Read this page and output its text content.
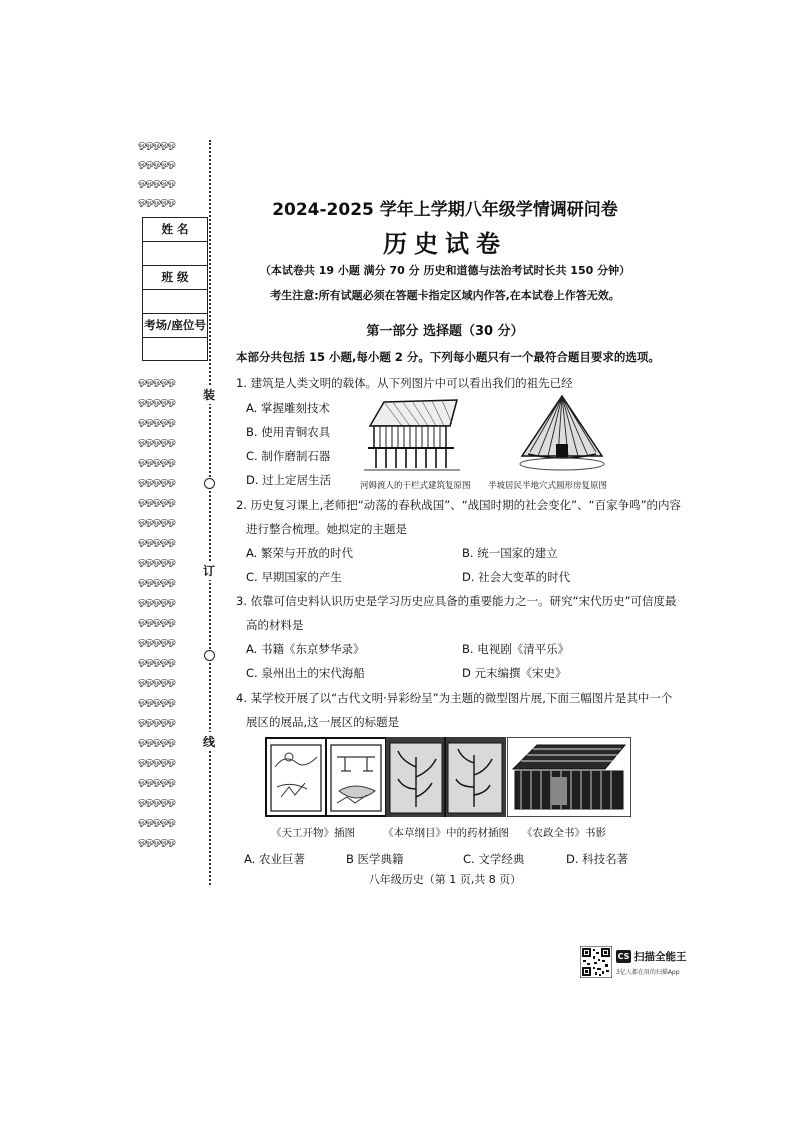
ஓஓஓஓஓ
ஓஓஓஓஓ
ஓஓஓஓஓ
ஓஓஓஓஓ
ஓஓஓஓஓ
ஓஓஓஓஓ
ஓஓஓஓஓ
ஓஓஓஓஓ
ஓஓஓஓஓ
ஓஓஓஓஓ
ஓஓஓஓஓ
ஓஓஓஓஓ
ஓஓஓஓஓ
ஓஓஓஓஓ
ஓஓஓஓஓ
ஓஓஓஓஓ
ஓஓஓஓஓ
ஓஓஓஓஓ
ஓஓஓஓஓ
ஓஓஓஓஓ
ஓஓஓஓஓ
ஓஓஓஓஓ
ஓஓஓஓஓ
ஓஓஓஓஓ
ஓஓஓஓஓ
ஓஓஓஓஓ
ஓஓஓஓஓ
ஓஓஓஓஓ
装
订
线
姓 名
班 级
考场/座位号
2024-2025 学年上学期八年级学情调研问卷
历史试卷
（本试卷共 19 小题 满分 70 分 历史和道德与法治考试时长共 150 分钟）
考生注意:所有试题必须在答题卡指定区域内作答,在本试卷上作答无效。
第一部分 选择题（30 分）
本部分共包括 15 小题,每小题 2 分。下列每小题只有一个最符合题目要求的选项。
1. 建筑是人类文明的载体。从下列图片中可以看出我们的祖先已经
A. 掌握雕刻技术
B. 使用青铜农具
C. 制作磨制石器
D. 过上定居生活	河姆渡人的干栏式建筑复原图 半坡居民半地穴式圆形房复原图
2. 历史复习课上,老师把“动荡的春秋战国”、“战国时期的社会变化”、“百家争鸣”的内容
进行整合梳理。她拟定的主题是
A. 繁荣与开放的时代	B. 统一国家的建立
C. 早期国家的产生	D. 社会大变革的时代
3. 依靠可信史料认识历史是学习历史应具备的重要能力之一。研究“宋代历史”可信度最
高的材料是
A. 书籍《东京梦华录》	B. 电视剧《清平乐》
C. 泉州出土的宋代海船	D 元末编撰《宋史》
4. 某学校开展了以“古代文明·异彩纷呈”为主题的微型图片展,下面三幅图片是其中一个
展区的展品,这一展区的标题是
《天工开物》插图	《本草纲目》中的药材插图 《农政全书》书影
A. 农业巨著	B 医学典籍	C. 文学经典	D. 科技名著
八年级历史（第 1 页,共 8 页）
CS 扫描全能王
3亿人都在用的扫描App
